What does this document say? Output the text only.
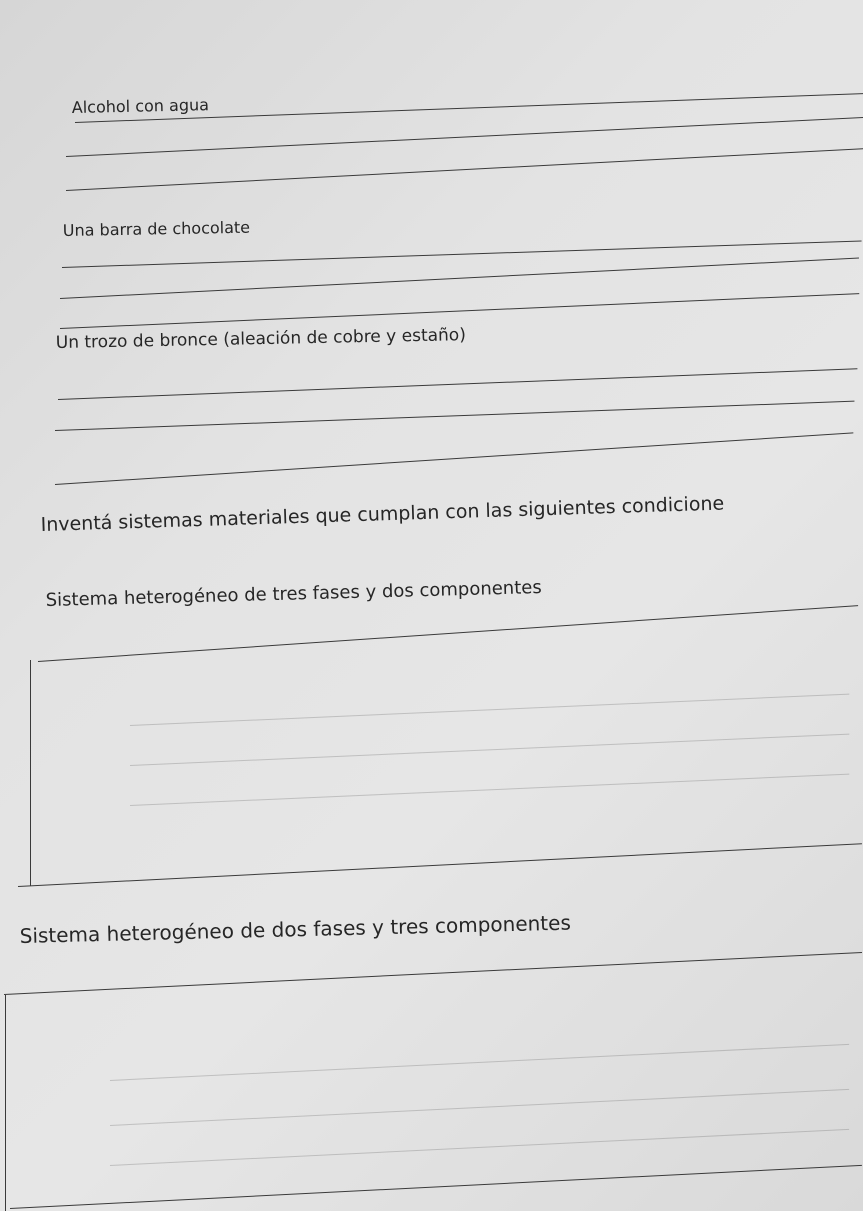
Alcohol con agua
Una barra de chocolate
Un trozo de bronce (aleación de cobre y estaño)
Inventá sistemas materiales que cumplan con las siguientes condicione
Sistema heterogéneo de tres fases y dos componentes
Sistema heterogéneo de dos fases y tres componentes
